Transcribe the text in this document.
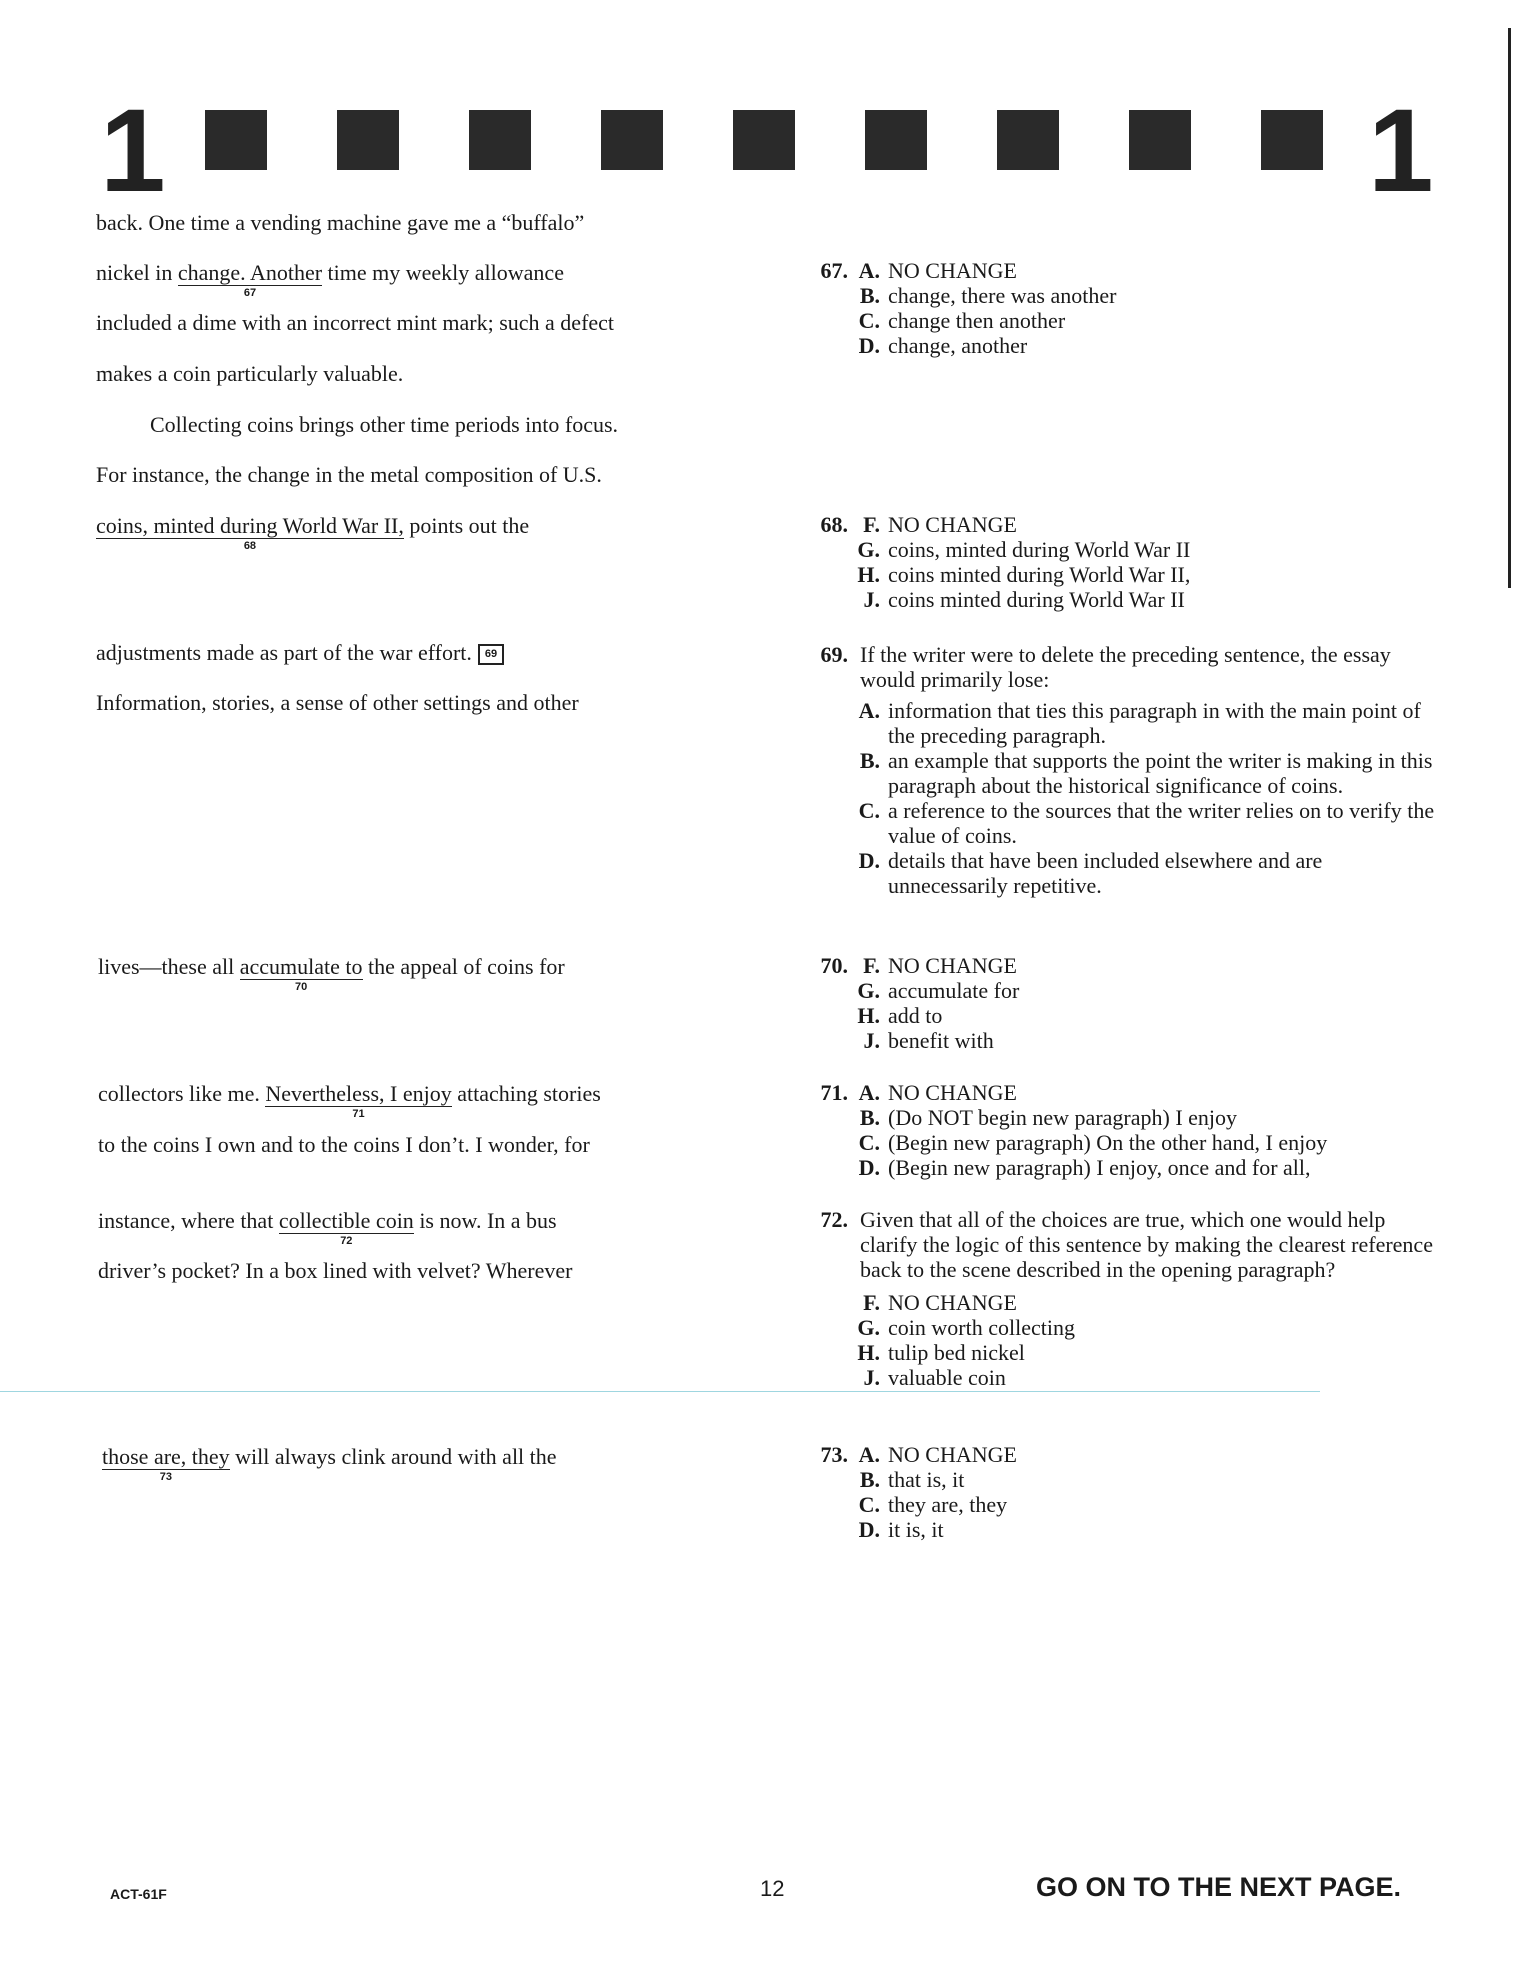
1	1
back. One time a vending machine gave me a “buffalo”
nickel in change. Another
67
time my weekly allowance
included a dime with an incorrect mint mark; such a defect
makes a coin particularly valuable.
Collecting coins brings other time periods into focus.
For instance, the change in the metal composition of U.S.
coins, minted during World War II,
68
points out the
adjustments made as part of the war effort. 69
Information, stories, a sense of other settings and other
lives—these all accumulate to
70
the appeal of coins for
collectors like me. Nevertheless, I enjoy
71
attaching stories
to the coins I own and to the coins I don’t. I wonder, for
instance, where that collectible coin
72
is now. In a bus
driver’s pocket? In a box lined with velvet? Wherever
those are, they
73
will always clink around with all the
67. A. NO CHANGE
B. change, there was another
C. change then another
D. change, another
68. F. NO CHANGE
G. coins, minted during World War II
H. coins minted during World War II,
J. coins minted during World War II
69. If the writer were to delete the preceding sentence, the essay would primarily lose:
A. information that ties this paragraph in with the main point of the preceding paragraph.
B. an example that supports the point the writer is making in this paragraph about the historical significance of coins.
C. a reference to the sources that the writer relies on to verify the value of coins.
D. details that have been included elsewhere and are unnecessarily repetitive.
70. F. NO CHANGE
G. accumulate for
H. add to
J. benefit with
71. A. NO CHANGE
B. (Do NOT begin new paragraph) I enjoy
C. (Begin new paragraph) On the other hand, I enjoy
D. (Begin new paragraph) I enjoy, once and for all,
72. Given that all of the choices are true, which one would help clarify the logic of this sentence by making the clearest reference back to the scene described in the opening paragraph?
F. NO CHANGE
G. coin worth collecting
H. tulip bed nickel
J. valuable coin
73. A. NO CHANGE
B. that is, it
C. they are, they
D. it is, it
ACT-61F	12	GO ON TO THE NEXT PAGE.
